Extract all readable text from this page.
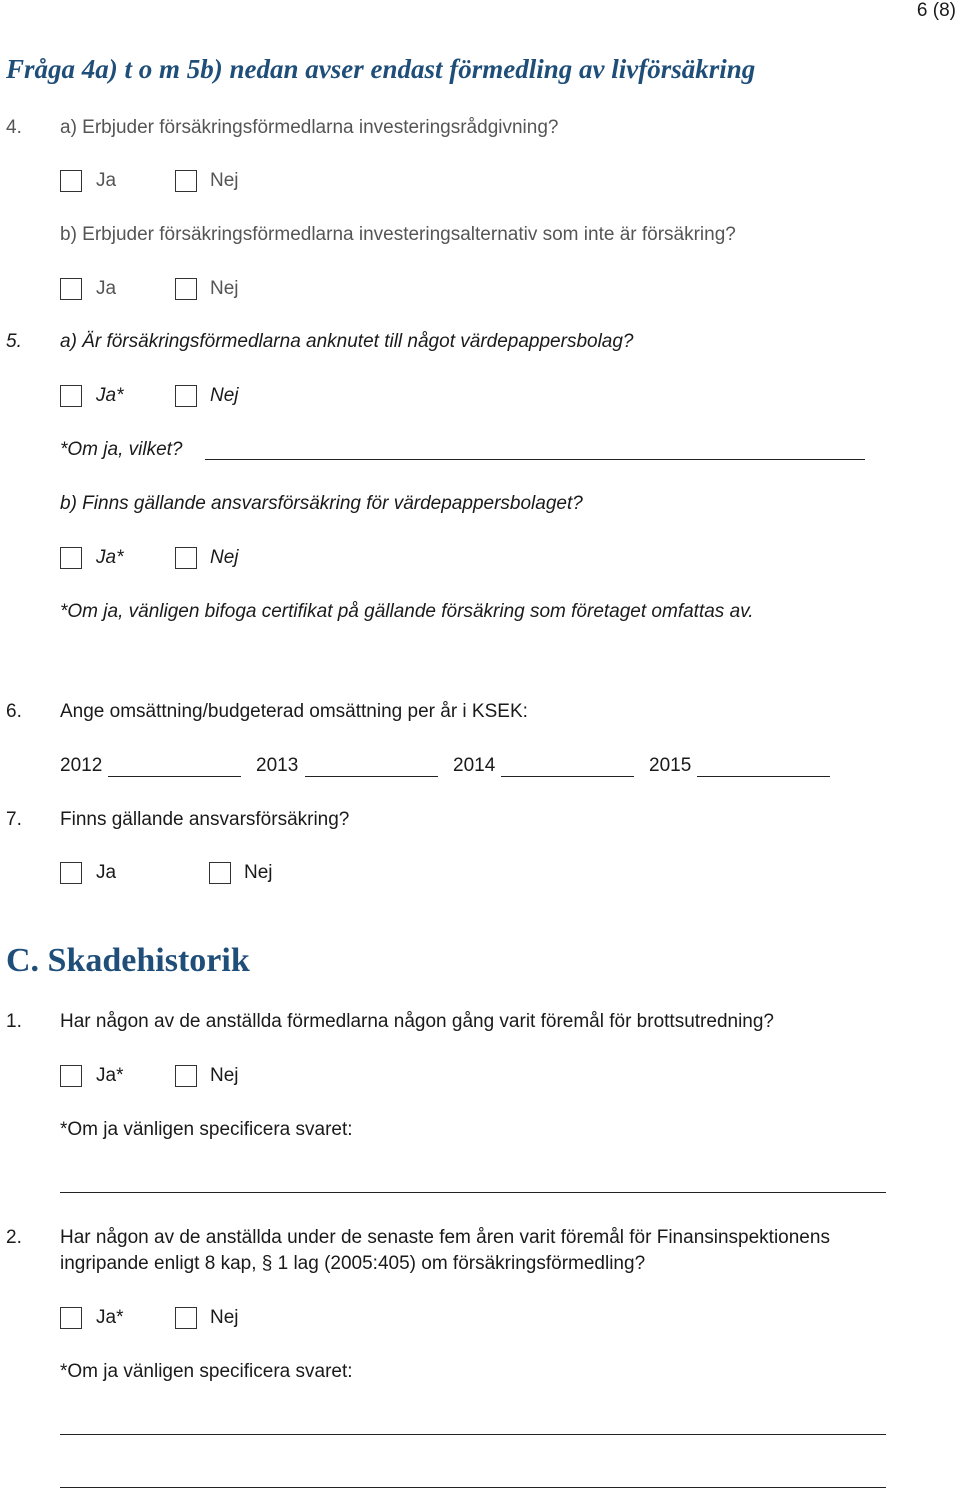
6 (8)
Fråga 4a) t o m 5b) nedan avser endast förmedling av livförsäkring
4. a) Erbjuder försäkringsförmedlarna investeringsrådgivning?
Ja	Nej
b) Erbjuder försäkringsförmedlarna investeringsalternativ som inte är försäkring?
Ja	Nej
5. a) Är försäkringsförmedlarna anknutet till något värdepappersbolag?
Ja*	Nej
*Om ja, vilket?
b) Finns gällande ansvarsförsäkring för värdepappersbolaget?
Ja*	Nej
*Om ja, vänligen bifoga certifikat på gällande försäkring som företaget omfattas av.
6. Ange omsättning/budgeterad omsättning per år i KSEK:
2012	2013	2014	2015
7. Finns gällande ansvarsförsäkring?
Ja	Nej
C. Skadehistorik
1. Har någon av de anställda förmedlarna någon gång varit föremål för brottsutredning?
Ja*	Nej
*Om ja vänligen specificera svaret:
2. Har någon av de anställda under de senaste fem åren varit föremål för Finansinspektionens
ingripande enligt 8 kap, § 1 lag (2005:405) om försäkringsförmedling?
Ja*	Nej
*Om ja vänligen specificera svaret:
